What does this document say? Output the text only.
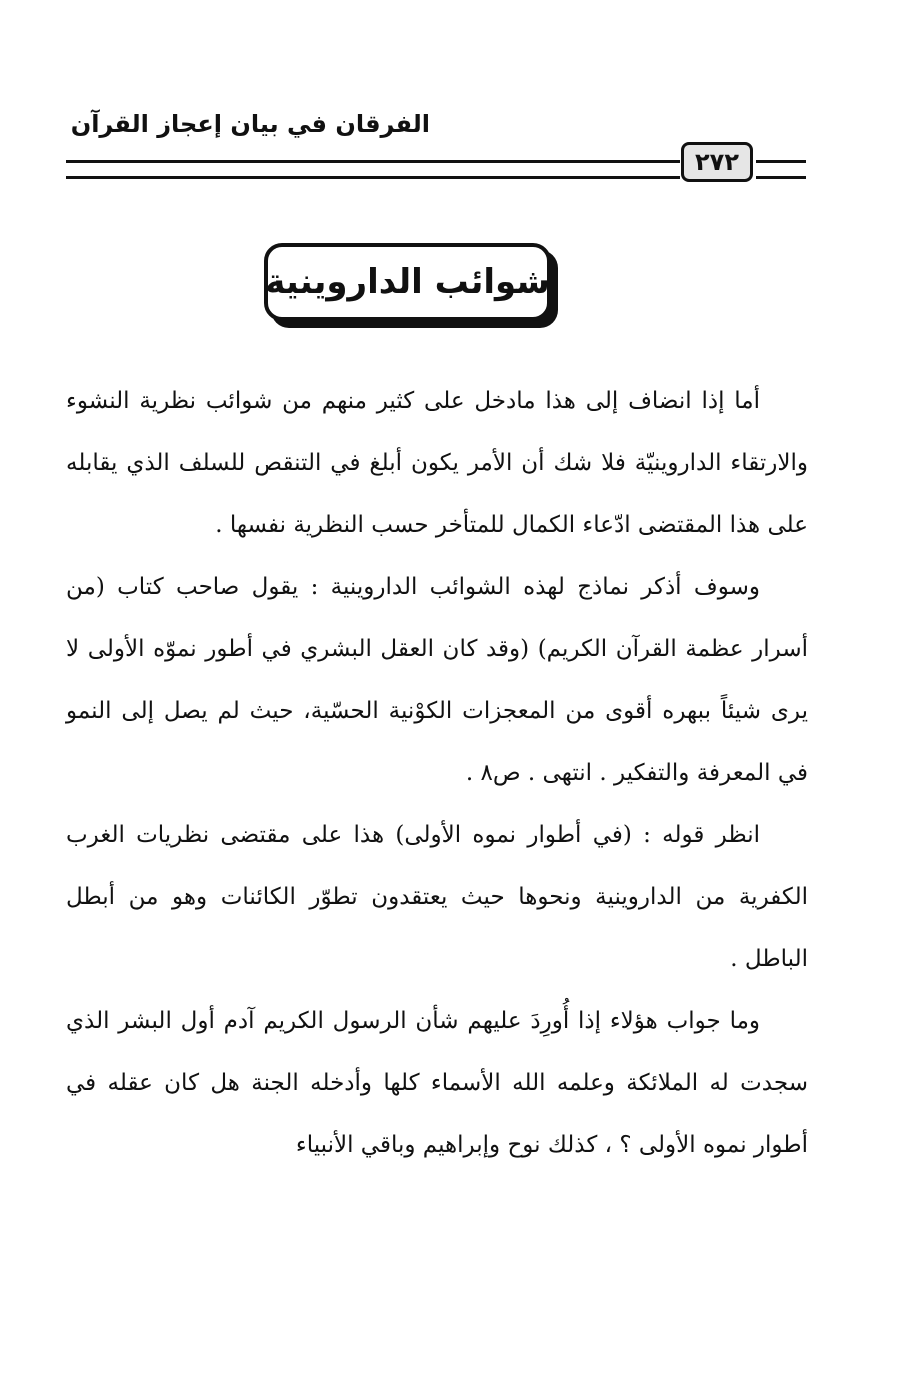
الفرقان في بيان إعجاز القرآن
٢٧٢
شوائب الداروينية

أما إذا انضاف إلى هذا مادخل على كثير منهم من شوائب نظرية النشوء والارتقاء الداروينيّة فلا شك أن الأمر يكون أبلغ في التنقص للسلف الذي يقابله على هذا المقتضى ادّعاء الكمال للمتأخر حسب النظرية نفسها .

وسوف أذكر نماذج لهذه الشوائب الداروينية : يقول صاحب كتاب (من أسرار عظمة القرآن الكريم) (وقد كان العقل البشري في أطور نموّه الأولى لا يرى شيئاً ببهره أقوى من المعجزات الكوْنية الحسّية، حيث لم يصل إلى النمو في المعرفة والتفكير . انتهى . ص٨ .

انظر قوله : (في أطوار نموه الأولى) هذا على مقتضى نظريات الغرب الكفرية من الداروينية ونحوها حيث يعتقدون تطوّر الكائنات وهو من أبطل الباطل .

وما جواب هؤلاء إذا أُورِدَ عليهم شأن الرسول الكريم آدم أول البشر الذي سجدت له الملائكة وعلمه الله الأسماء كلها وأدخله الجنة هل كان عقله في أطوار نموه الأولى ؟ ، كذلك نوح وإبراهيم وباقي الأنبياء
